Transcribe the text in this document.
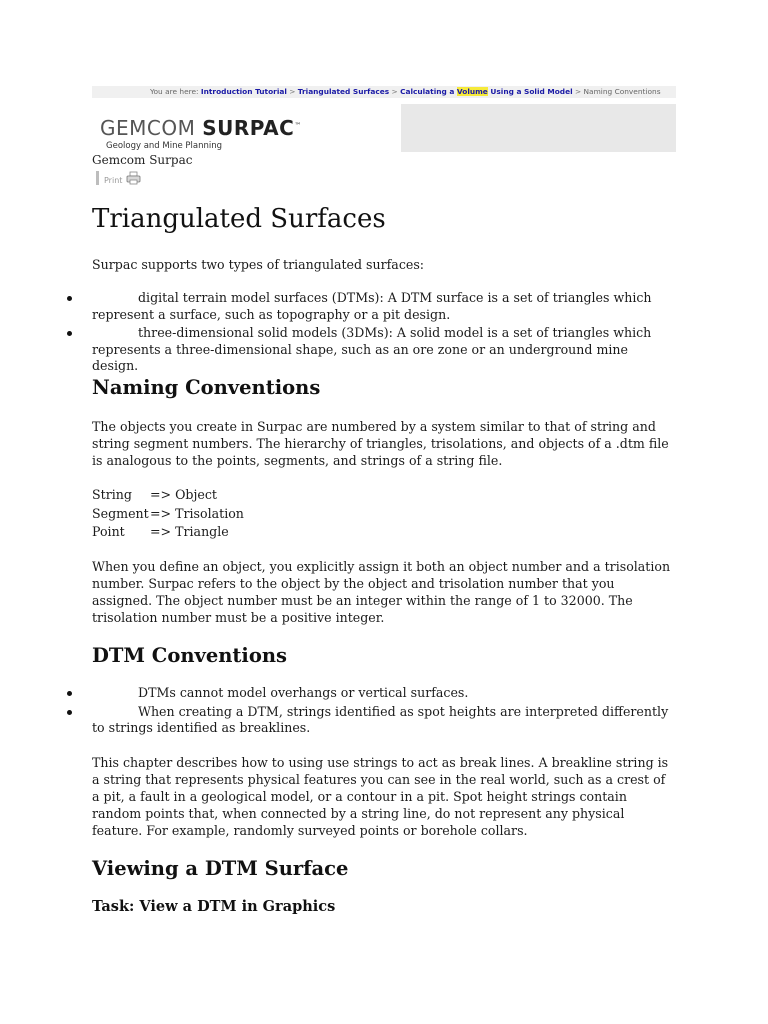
You are here: Introduction Tutorial > Triangulated Surfaces > Calculating a Volume Using a Solid Model > Naming Conventions
GEMCOM SURPAC™
Geology and Mine Planning
Gemcom Surpac
Print
Triangulated Surfaces
Surpac supports two types of triangulated surfaces:
digital terrain model surfaces (DTMs): A DTM surface is a set of triangles which represent a surface, such as topography or a pit design.
three-dimensional solid models (3DMs): A solid model is a set of triangles which represents a three-dimensional shape, such as an ore zone or an underground mine design.
Naming Conventions
The objects you create in Surpac are numbered by a system similar to that of string and string segment numbers. The hierarchy of triangles, trisolations, and objects of a .dtm file is analogous to the points, segments, and strings of a string file.
String => Object
Segment=> Trisolation
Point => Triangle
When you define an object, you explicitly assign it both an object number and a trisolation number. Surpac refers to the object by the object and trisolation number that you assigned. The object number must be an integer within the range of 1 to 32000. The trisolation number must be a positive integer.
DTM Conventions
DTMs cannot model overhangs or vertical surfaces.
When creating a DTM, strings identified as spot heights are interpreted differently to strings identified as breaklines.
This chapter describes how to using use strings to act as break lines. A breakline string is a string that represents physical features you can see in the real world, such as a crest of a pit, a fault in a geological model, or a contour in a pit. Spot height strings contain random points that, when connected by a string line, do not represent any physical feature. For example, randomly surveyed points or borehole collars.
Viewing a DTM Surface
Task: View a DTM in Graphics
